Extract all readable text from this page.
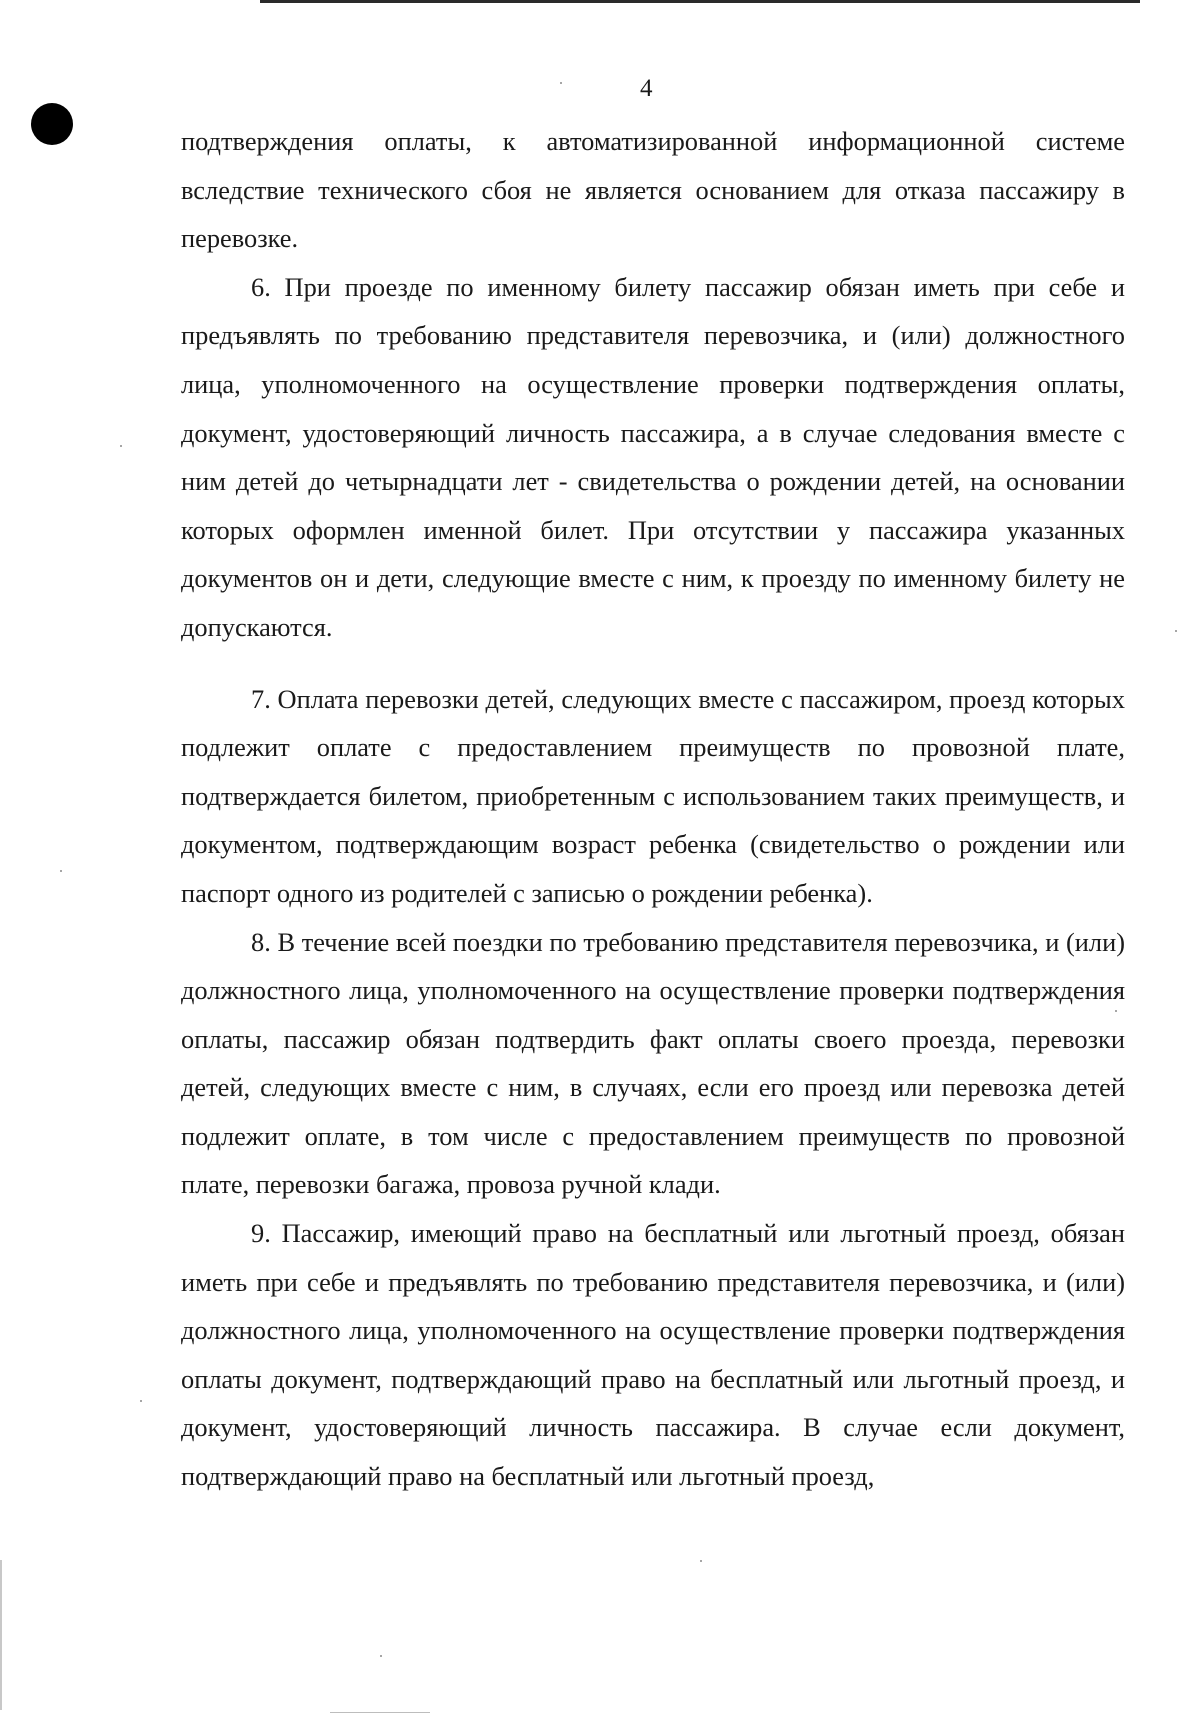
4

подтверждения оплаты, к автоматизированной информационной системе вследствие технического сбоя не является основанием для отказа пассажиру в перевозке.

6. При проезде по именному билету пассажир обязан иметь при себе и предъявлять по требованию представителя перевозчика, и (или) должностного лица, уполномоченного на осуществление проверки подтверждения оплаты, документ, удостоверяющий личность пассажира, а в случае следования вместе с ним детей до четырнадцати лет - свидетельства о рождении детей, на основании которых оформлен именной билет. При отсутствии у пассажира указанных документов он и дети, следующие вместе с ним, к проезду по именному билету не допускаются.

7. Оплата перевозки детей, следующих вместе с пассажиром, проезд которых подлежит оплате с предоставлением преимуществ по провозной плате, подтверждается билетом, приобретенным с использованием таких преимуществ, и документом, подтверждающим возраст ребенка (свидетельство о рождении или паспорт одного из родителей с записью о рождении ребенка).

8. В течение всей поездки по требованию представителя перевозчика, и (или) должностного лица, уполномоченного на осуществление проверки подтверждения оплаты, пассажир обязан подтвердить факт оплаты своего проезда, перевозки детей, следующих вместе с ним, в случаях, если его проезд или перевозка детей подлежит оплате, в том числе с предоставлением преимуществ по провозной плате, перевозки багажа, провоза ручной клади.

9. Пассажир, имеющий право на бесплатный или льготный проезд, обязан иметь при себе и предъявлять по требованию представителя перевозчика, и (или) должностного лица, уполномоченного на осуществление проверки подтверждения оплаты документ, подтверждающий право на бесплатный или льготный проезд, и документ, удостоверяющий личность пассажира. В случае если документ, подтверждающий право на бесплатный или льготный проезд,
